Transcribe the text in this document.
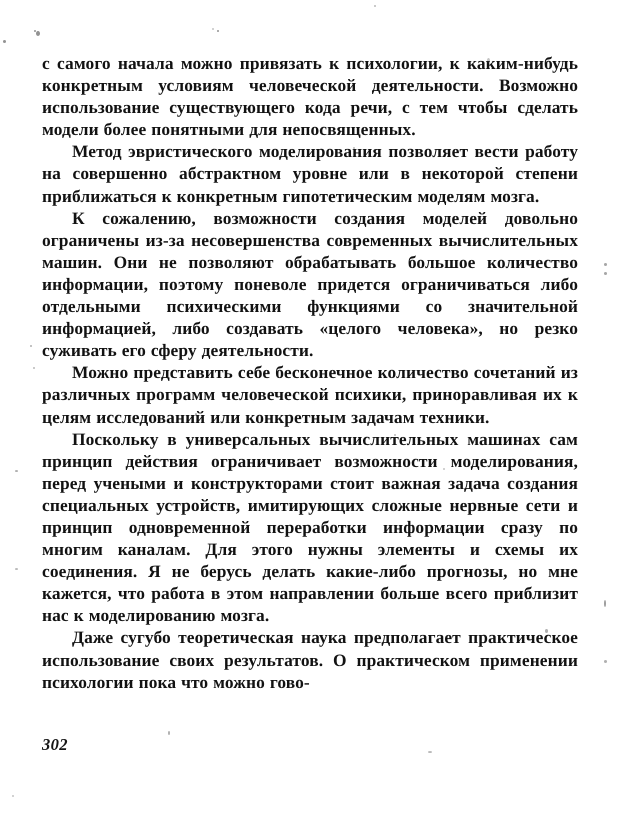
с самого начала можно привязать к психологии, к каким-нибудь конкретным условиям человеческой деятельности. Возможно использование существующего кода речи, с тем чтобы сделать модели более понятными для непосвященных.

Метод эвристического моделирования позволяет вести работу на совершенно абстрактном уровне или в некоторой степени приближаться к конкретным гипотетическим моделям мозга.

К сожалению, возможности создания моделей довольно ограничены из-за несовершенства современных вычислительных машин. Они не позволяют обрабатывать большое количество информации, поэтому поневоле придется ограничиваться либо отдельными психическими функциями со значительной информацией, либо создавать «целого человека», но резко суживать его сферу деятельности.

Можно представить себе бесконечное количество сочетаний из различных программ человеческой психики, приноравливая их к целям исследований или конкретным задачам техники.

Поскольку в универсальных вычислительных машинах сам принцип действия ограничивает возможности моделирования, перед учеными и конструкторами стоит важная задача создания специальных устройств, имитирующих сложные нервные сети и принцип одновременной переработки информации сразу по многим каналам. Для этого нужны элементы и схемы их соединения. Я не берусь делать какие-либо прогнозы, но мне кажется, что работа в этом направлении больше всего приблизит нас к моделированию мозга.

Даже сугубо теоретическая наука предполагает практическое использование своих результатов. О практическом применении психологии пока что можно гово-

302
